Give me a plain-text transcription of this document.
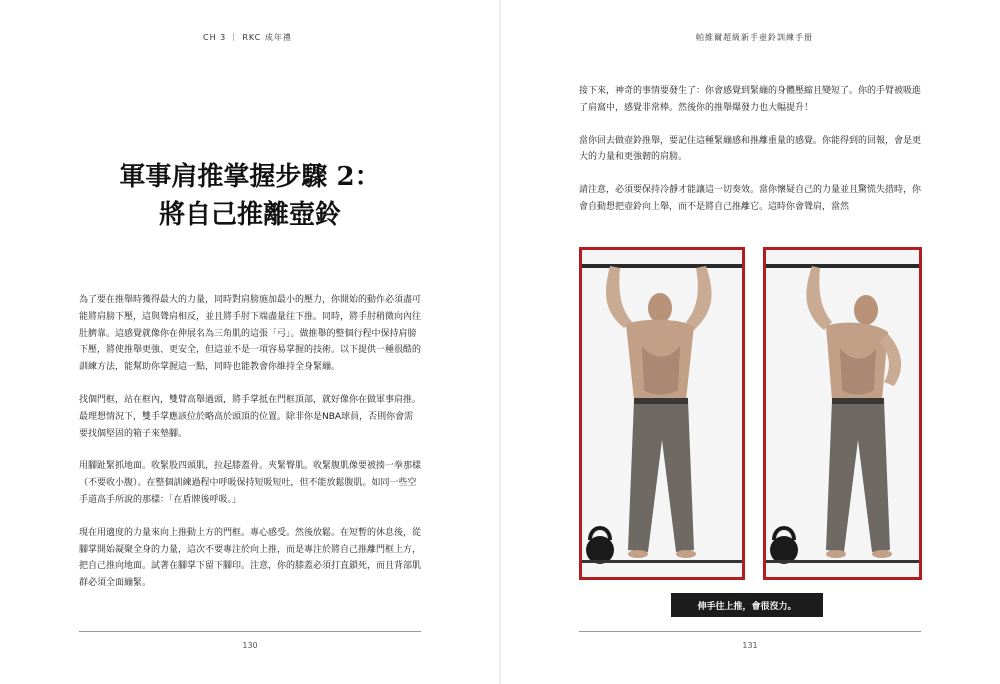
CH 3 ｜ RKC 成年禮
軍事肩推掌握步驟 2：
將自己推離壺鈴

為了要在推舉時獲得最大的力量，同時對肩膀施加最小的壓力，你開始的動作必須盡可能將肩膀下壓，這與聳肩相反，並且將手肘下端盡量往下推。同時，將手肘稍微向內往肚臍靠。這感覺就像你在伸展名為三角肌的這張「弓」。做推舉的整個行程中保持肩膀下壓，將使推舉更強、更安全，但這並不是一項容易掌握的技術。以下提供一種很酷的訓練方法，能幫助你掌握這一點，同時也能教會你維持全身緊繃。

找個門框，站在框內，雙臂高舉過頭，將手掌抵在門框頂部，就好像你在做軍事肩推。最理想情況下，雙手掌應該位於略高於頭頂的位置。除非你是NBA球員，否則你會需要找個堅固的箱子來墊腳。

用腳趾緊抓地面。收緊股四頭肌，拉起膝蓋骨。夾緊臀肌。收緊腹肌像要被揍一拳那樣（不要收小腹）。在整個訓練過程中呼吸保持短吸短吐，但不能放鬆腹肌。如同一些空手道高手所說的那樣：「在盾牌後呼吸。」

現在用適度的力量來向上推動上方的門框。專心感受。然後放鬆。在短暫的休息後，從腳掌開始凝聚全身的力量，這次不要專注於向上推，而是專注於將自己推離門框上方，把自己推向地面。試著在腳掌下留下腳印。注意，你的膝蓋必須打直鎖死，而且背部肌群必須全面繃緊。

130
帕維爾超級新手壺鈴訓練手冊

接下來，神奇的事情要發生了：你會感覺到緊繃的身體壓縮且變短了。你的手臂被吸進了肩窩中，感覺非常棒。然後你的推舉爆發力也大幅提升！

當你回去做壺鈴推舉，要記住這種緊繃感和推離重量的感覺。你能得到的回報，會是更大的力量和更強韌的肩膀。

請注意，必須要保持冷靜才能讓這一切奏效。當你懷疑自己的力量並且驚慌失措時，你會自動想把壺鈴向上舉，而不是將自己推離它。這時你會聳肩，當然

伸手往上推，會很沒力。
131
